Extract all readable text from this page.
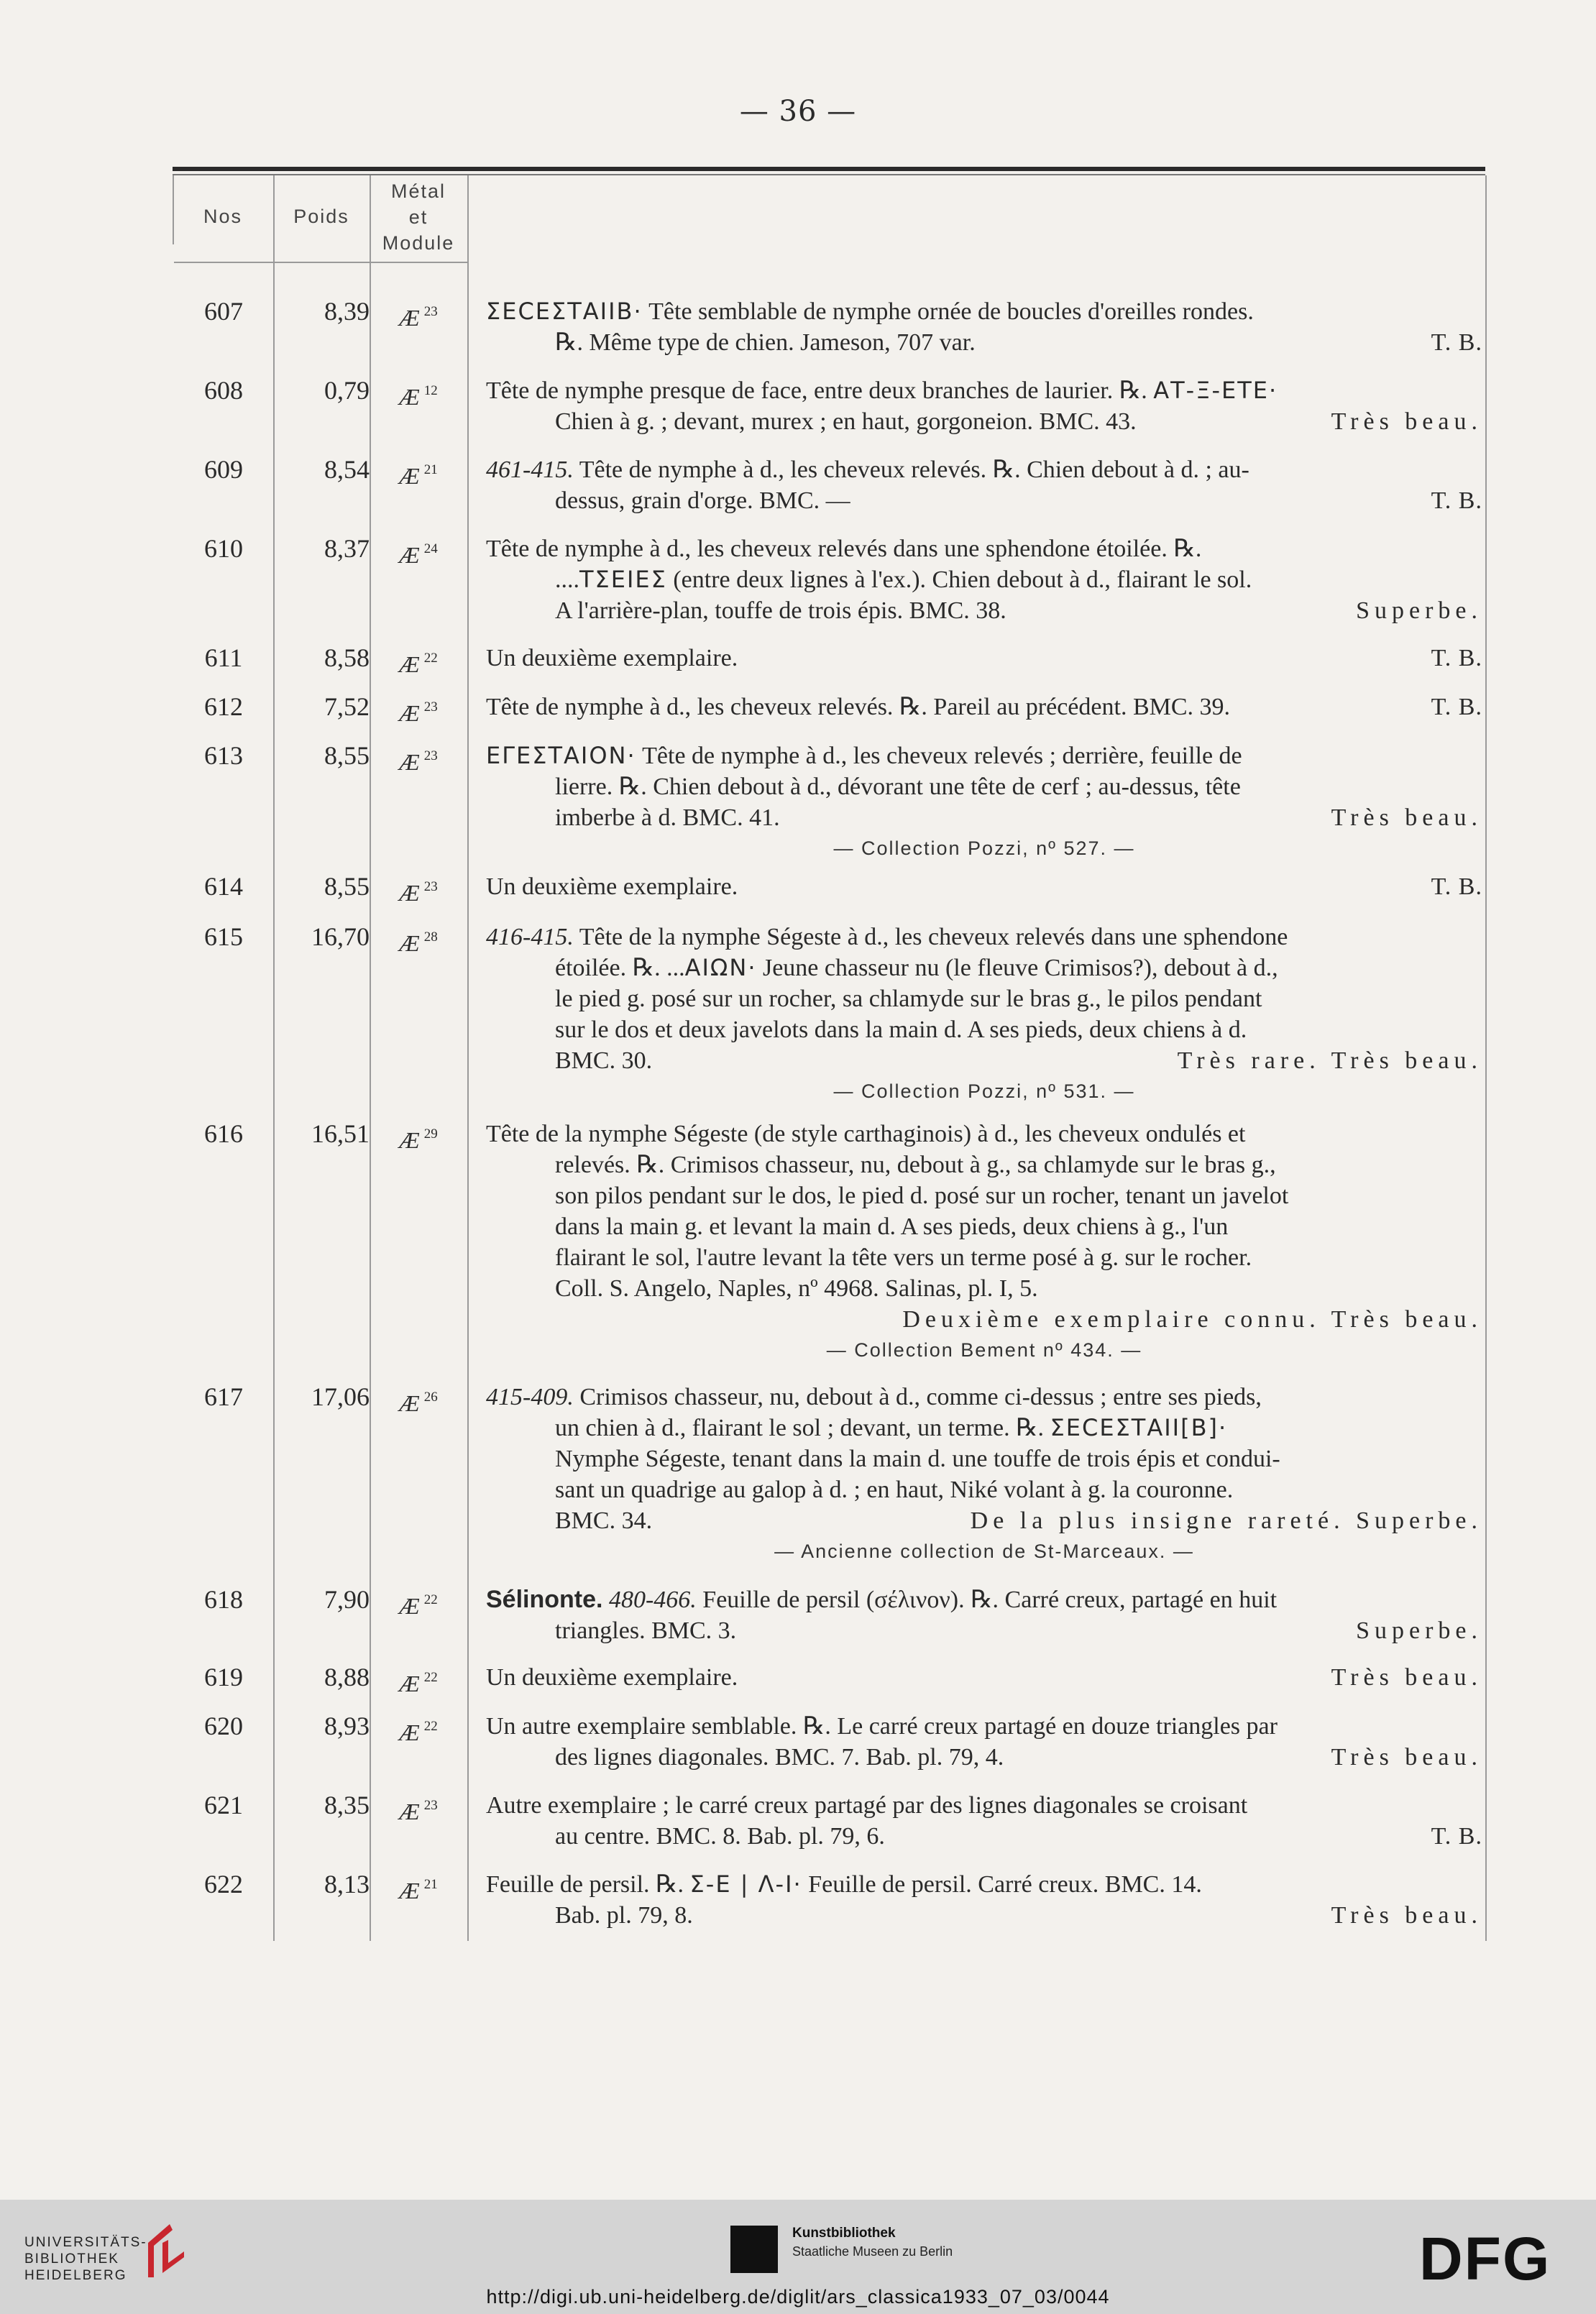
— 36 —
Nos	Poids
Métal
et
Module
607	8,39	Æ $^{23}$	ΣΕϹΕΣΤΑΙΙΒ· Tête semblable de nymphe ornée de boucles d'oreilles rondes.
℞. Même type de chien. Jameson, 707 var.	T. B.
608	0,79	Æ $^{12}$	Tête de nymphe presque de face, entre deux branches de laurier. ℞. ΑΤ-Ξ-ΕΤΕ·
Chien à g. ; devant, murex ; en haut, gorgoneion. BMC. 43.	Très beau.
609	8,54	Æ $^{21}$	461-415. Tête de nymphe à d., les cheveux relevés. ℞. Chien debout à d. ; au-
dessus, grain d'orge. BMC. —	T. B.
610	8,37	Æ $^{24}$	Tête de nymphe à d., les cheveux relevés dans une sphendone étoilée. ℞.
....ΤΣΕΙΕΣ (entre deux lignes à l'ex.). Chien debout à d., flairant le sol.
A l'arrière-plan, touffe de trois épis. BMC. 38.	Superbe.
611	8,58	Æ $^{22}$	Un deuxième exemplaire.	T. B.
612	7,52	Æ $^{23}$	Tête de nymphe à d., les cheveux relevés. ℞. Pareil au précédent. BMC. 39.	T. B.
613	8,55	Æ $^{23}$	ΕΓΕΣΤΑΙΟΝ· Tête de nymphe à d., les cheveux relevés ; derrière, feuille de
lierre. ℞. Chien debout à d., dévorant une tête de cerf ; au-dessus, tête
imberbe à d. BMC. 41.	Très beau.
— Collection Pozzi, nº 527. —
614	8,55	Æ $^{23}$	Un deuxième exemplaire.	T. B.
615	16,70	Æ $^{28}$	416-415. Tête de la nymphe Ségeste à d., les cheveux relevés dans une sphendone
étoilée. ℞. ...ΑΙΩΝ· Jeune chasseur nu (le fleuve Crimisos?), debout à d.,
le pied g. posé sur un rocher, sa chlamyde sur le bras g., le pilos pendant
sur le dos et deux javelots dans la main d. A ses pieds, deux chiens à d.
BMC. 30.	Très rare. Très beau.
— Collection Pozzi, nº 531. —
616	16,51	Æ $^{29}$	Tête de la nymphe Ségeste (de style carthaginois) à d., les cheveux ondulés et
relevés. ℞. Crimisos chasseur, nu, debout à g., sa chlamyde sur le bras g.,
son pilos pendant sur le dos, le pied d. posé sur un rocher, tenant un javelot
dans la main g. et levant la main d. A ses pieds, deux chiens à g., l'un
flairant le sol, l'autre levant la tête vers un terme posé à g. sur le rocher.
Coll. S. Angelo, Naples, nº 4968. Salinas, pl. I, 5.
Deuxième exemplaire connu. Très beau.

— Collection Bement nº 434. —
617	17,06	Æ $^{26}$	415-409. Crimisos chasseur, nu, debout à d., comme ci-dessus ; entre ses pieds,
un chien à d., flairant le sol ; devant, un terme. ℞. ΣΕϹΕΣΤΑΙΙ[Β]·
Nymphe Ségeste, tenant dans la main d. une touffe de trois épis et condui-
sant un quadrige au galop à d. ; en haut, Niké volant à g. la couronne.
BMC. 34.	De la plus insigne rareté. Superbe.
— Ancienne collection de St-Marceaux. —
618	7,90	Æ $^{22}$	Sélinonte. 480-466. Feuille de persil (σέλινον). ℞. Carré creux, partagé en huit
triangles. BMC. 3.	Superbe.
619	8,88	Æ $^{22}$	Un deuxième exemplaire.	Très beau.
620	8,93	Æ $^{22}$	Un autre exemplaire semblable. ℞. Le carré creux partagé en douze triangles par
des lignes diagonales. BMC. 7. Bab. pl. 79, 4.	Très beau.
621	8,35	Æ $^{23}$	Autre exemplaire ; le carré creux partagé par des lignes diagonales se croisant
au centre. BMC. 8. Bab. pl. 79, 6.	T. B.
622	8,13	Æ $^{21}$	Feuille de persil. ℞. Σ-Ε | Λ-Ι· Feuille de persil. Carré creux. BMC. 14.
Bab. pl. 79, 8.	Très beau.
UNIVERSITÄTS-
BIBLIOTHEK
HEIDELBERG
Kunstbibliothek
Staatliche Museen zu Berlin	DFG
http://digi.ub.uni-heidelberg.de/diglit/ars_classica1933_07_03/0044
